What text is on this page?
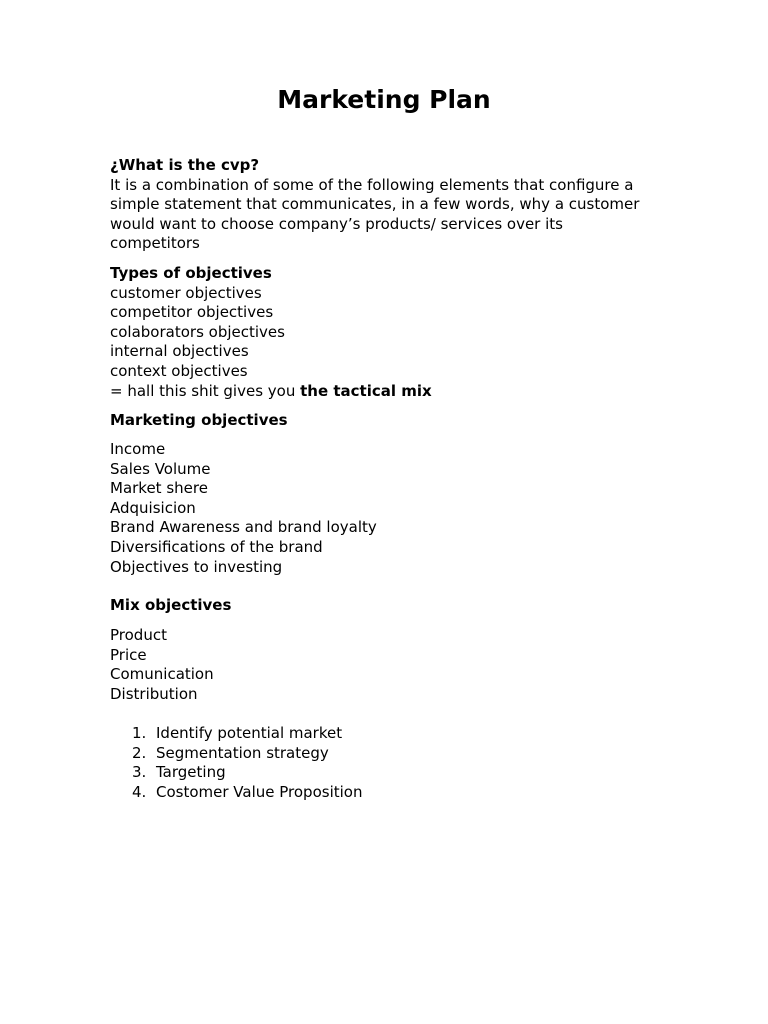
Marketing Plan

¿What is the cvp?

It is a combination of some of the following elements that configure a

simple statement that communicates, in a few words, why a customer

would want to choose company’s products/ services over its

competitors

Types of objectives

customer objectives
competitor objectives
colaborators objectives
internal objectives
context objectives

= hall this shit gives you the tactical mix

Marketing objectives

Income
Sales Volume
Market shere
Adquisicion
Brand Awareness and brand loyalty
Diversifications of the brand
Objectives to investing

Mix objectives

Product
Price
Comunication
Distribution
1. Identify potential market
2. Segmentation strategy
3. Targeting
4. Costomer Value Proposition
